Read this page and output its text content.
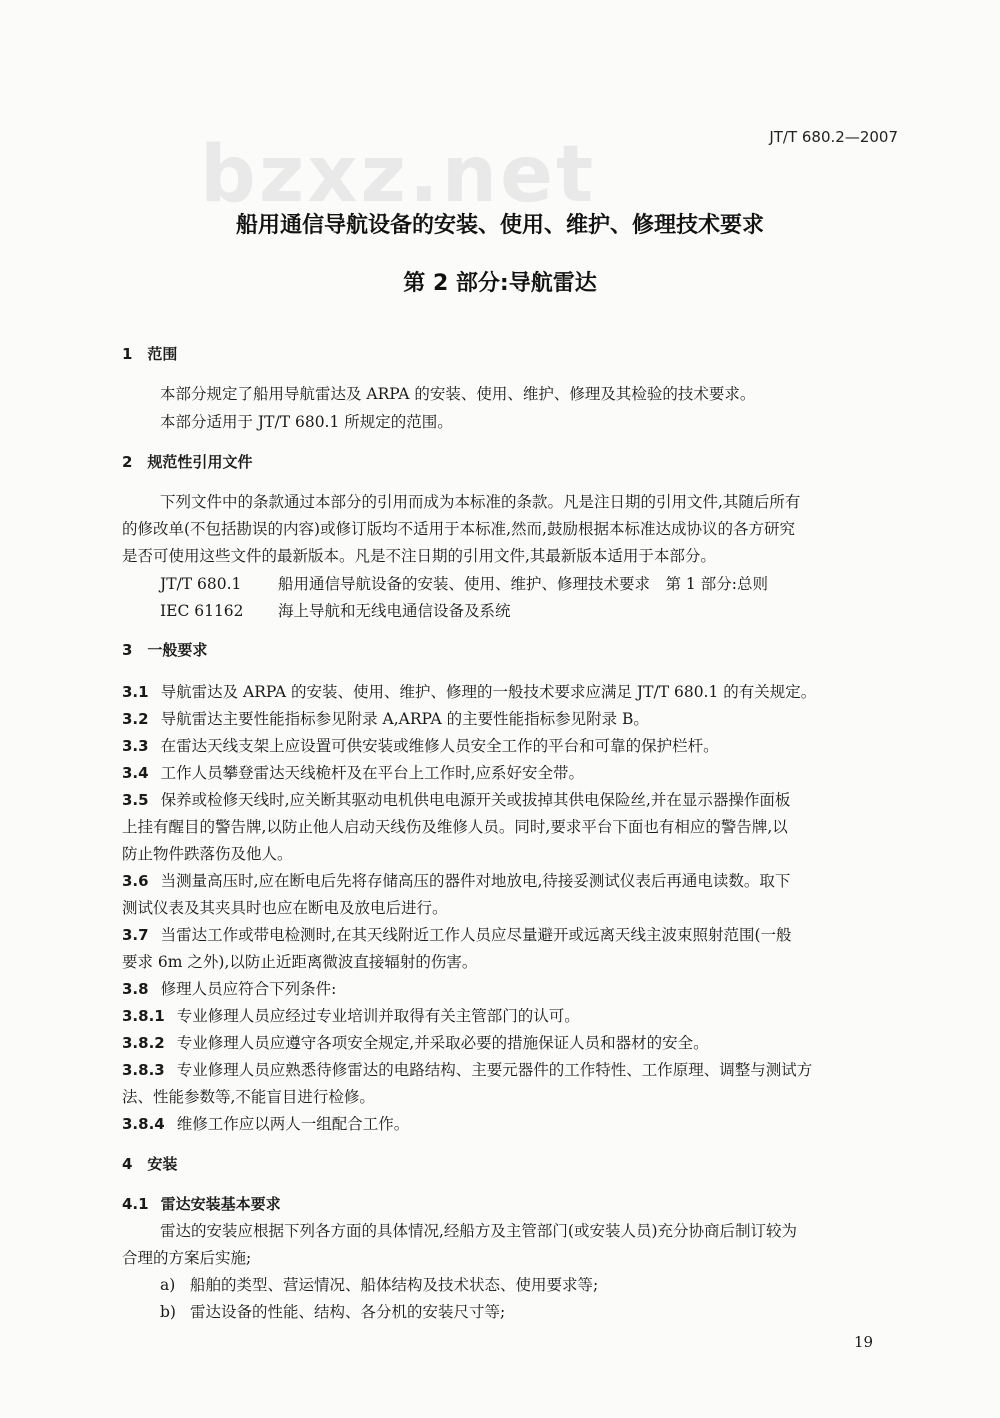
JT/T 680.2—2007
bzxz.net
船用通信导航设备的安装、使用、维护、修理技术要求
第 2 部分:导航雷达
1　范围
本部分规定了船用导航雷达及 ARPA 的安装、使用、维护、修理及其检验的技术要求。
本部分适用于 JT/T 680.1 所规定的范围。
2　规范性引用文件
下列文件中的条款通过本部分的引用而成为本标准的条款。凡是注日期的引用文件,其随后所有
的修改单(不包括勘误的内容)或修订版均不适用于本标准,然而,鼓励根据本标准达成协议的各方研究
是否可使用这些文件的最新版本。凡是不注日期的引用文件,其最新版本适用于本部分。
JT/T 680.1 船用通信导航设备的安装、使用、维护、修理技术要求　第 1 部分:总则
IEC 61162 海上导航和无线电通信设备及系统
3　一般要求
3.1 导航雷达及 ARPA 的安装、使用、维护、修理的一般技术要求应满足 JT/T 680.1 的有关规定。
3.2 导航雷达主要性能指标参见附录 A,ARPA 的主要性能指标参见附录 B。
3.3 在雷达天线支架上应设置可供安装或维修人员安全工作的平台和可靠的保护栏杆。
3.4 工作人员攀登雷达天线桅杆及在平台上工作时,应系好安全带。
3.5 保养或检修天线时,应关断其驱动电机供电电源开关或拔掉其供电保险丝,并在显示器操作面板
上挂有醒目的警告牌,以防止他人启动天线伤及维修人员。同时,要求平台下面也有相应的警告牌,以
防止物件跌落伤及他人。
3.6 当测量高压时,应在断电后先将存储高压的器件对地放电,待接妥测试仪表后再通电读数。取下
测试仪表及其夹具时也应在断电及放电后进行。
3.7 当雷达工作或带电检测时,在其天线附近工作人员应尽量避开或远离天线主波束照射范围(一般
要求 6m 之外),以防止近距离微波直接辐射的伤害。
3.8 修理人员应符合下列条件:
3.8.1 专业修理人员应经过专业培训并取得有关主管部门的认可。
3.8.2 专业修理人员应遵守各项安全规定,并采取必要的措施保证人员和器材的安全。
3.8.3 专业修理人员应熟悉待修雷达的电路结构、主要元器件的工作特性、工作原理、调整与测试方
法、性能参数等,不能盲目进行检修。
3.8.4 维修工作应以两人一组配合工作。
4　安装
4.1 雷达安装基本要求
雷达的安装应根据下列各方面的具体情况,经船方及主管部门(或安装人员)充分协商后制订较为
合理的方案后实施;
a) 船舶的类型、营运情况、船体结构及技术状态、使用要求等;
b) 雷达设备的性能、结构、各分机的安装尺寸等;
19
